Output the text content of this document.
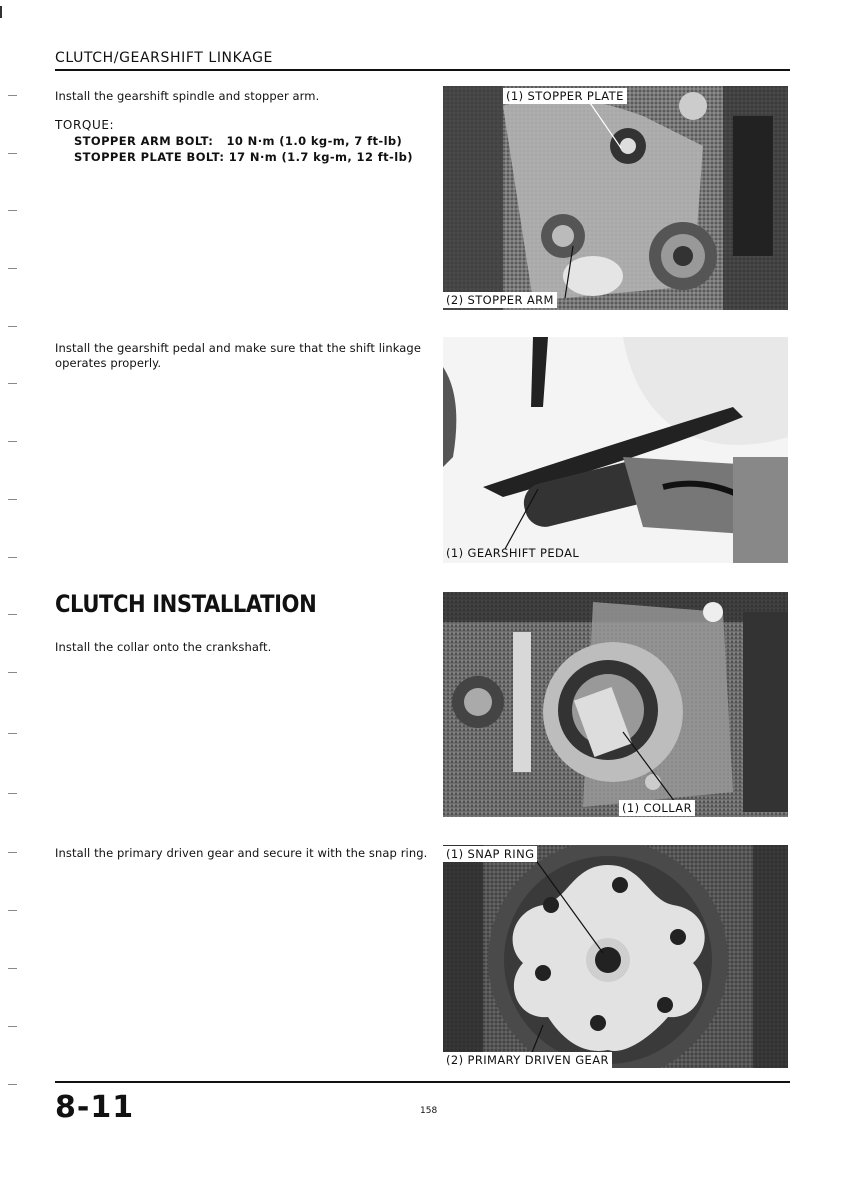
CLUTCH/GEARSHIFT LINKAGE
Install the gearshift spindle and stopper arm.
TORQUE:
STOPPER ARM BOLT:   10 N·m (1.0 kg-m, 7 ft-lb)
STOPPER PLATE BOLT: 17 N·m (1.7 kg-m, 12 ft-lb)
(1) STOPPER PLATE
(2) STOPPER ARM
Install the gearshift pedal and make sure that the shift linkage
operates properly.
(1) GEARSHIFT PEDAL
CLUTCH INSTALLATION
Install the collar onto the crankshaft.
(1) COLLAR
Install the primary driven gear and secure it with the snap ring. (1) SNAP RING
(2) PRIMARY DRIVEN GEAR
8-11	158
